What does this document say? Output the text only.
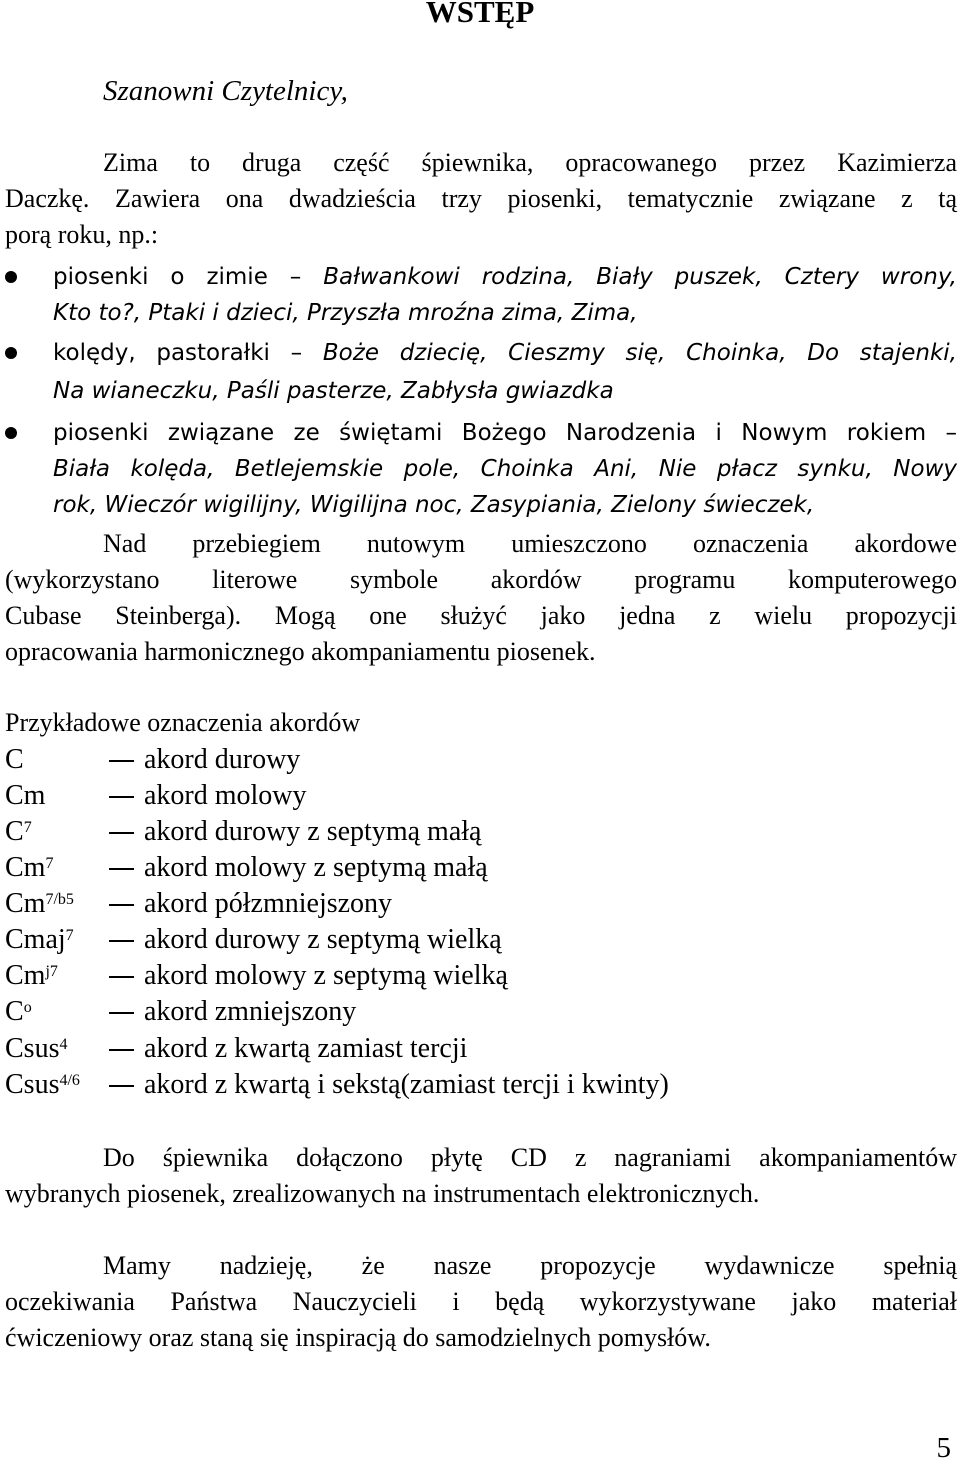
WSTĘP
Szanowni Czytelnicy,
Zima to druga część śpiewnika, opracowanego przez Kazimierza
Daczkę. Zawiera ona dwadzieścia trzy piosenki, tematycznie związane z tą
porą roku, np.:
piosenki o zimie – Bałwankowi rodzina, Biały puszek, Cztery wrony,
Kto to?, Ptaki i dzieci, Przyszła mroźna zima, Zima,
kolędy, pastorałki – Boże dziecię, Cieszmy się, Choinka, Do stajenki,
Na wianeczku, Paśli pasterze, Zabłysła gwiazdka
piosenki związane ze świętami Bożego Narodzenia i Nowym rokiem –
Biała kolęda, Betlejemskie pole, Choinka Ani, Nie płacz synku, Nowy
rok, Wieczór wigilijny, Wigilijna noc, Zasypiania, Zielony świeczek,
Nad przebiegiem nutowym umieszczono oznaczenia akordowe
(wykorzystano literowe symbole akordów programu komputerowego
Cubase Steinberga). Mogą one służyć jako jedna z wielu propozycji
opracowania harmonicznego akompaniamentu piosenek.
Przykładowe oznaczenia akordów
C	akord durowy
Cm	akord molowy
$C^7$	akord durowy z septymą małą
Cm$^7$	akord molowy z septymą małą
$Cm^{7/b5}$	akord półzmniejszony
Cmaj$^7$	akord durowy z septymą wielką
$Cm^{j7}$	akord molowy z septymą wielką
$C^o$	akord zmniejszony
Csus$^4$	akord z kwartą zamiast tercji
Csus$^{4/6}$ akord z kwartą i sekstą(zamiast tercji i kwinty)
Do śpiewnika dołączono płytę CD z nagraniami akompaniamentów
wybranych piosenek, zrealizowanych na instrumentach elektronicznych.
Mamy nadzieję, że nasze propozycje wydawnicze spełnią
oczekiwania Państwa Nauczycieli i będą wykorzystywane jako materiał
ćwiczeniowy oraz staną się inspiracją do samodzielnych pomysłów.
5
